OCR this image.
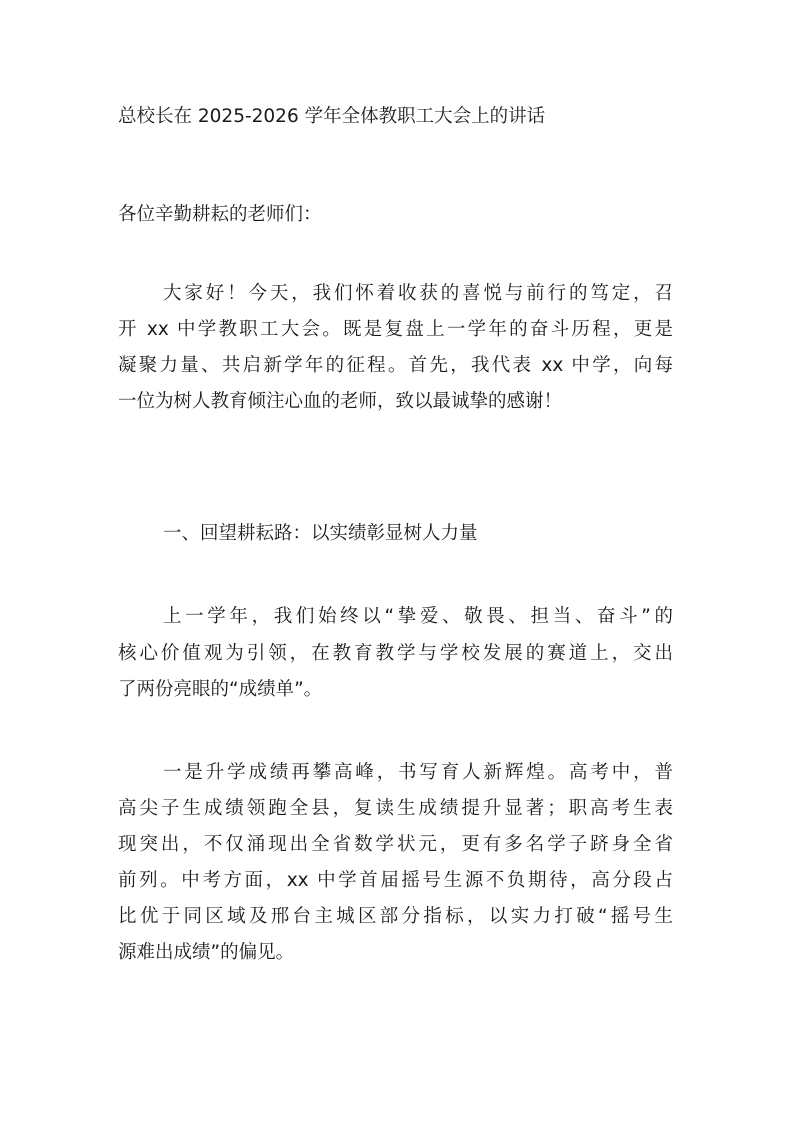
总校长在 2025-2026 学年全体教职工大会上的讲话
各位辛勤耕耘的老师们：
大家好！今天，我们怀着收获的喜悦与前行的笃定，召
开 xx 中学教职工大会。既是复盘上一学年的奋斗历程，更是
凝聚力量、共启新学年的征程。首先，我代表 xx 中学，向每
一位为树人教育倾注心血的老师，致以最诚挚的感谢！
一、回望耕耘路：以实绩彰显树人力量
上一学年，我们始终以“挚爱、敬畏、担当、奋斗”的
核心价值观为引领，在教育教学与学校发展的赛道上，交出
了两份亮眼的“成绩单”。
一是升学成绩再攀高峰，书写育人新辉煌。高考中，普
高尖子生成绩领跑全县，复读生成绩提升显著；职高考生表
现突出，不仅涌现出全省数学状元，更有多名学子跻身全省
前列。中考方面，xx 中学首届摇号生源不负期待，高分段占
比优于同区域及邢台主城区部分指标，以实力打破“摇号生
源难出成绩”的偏见。
